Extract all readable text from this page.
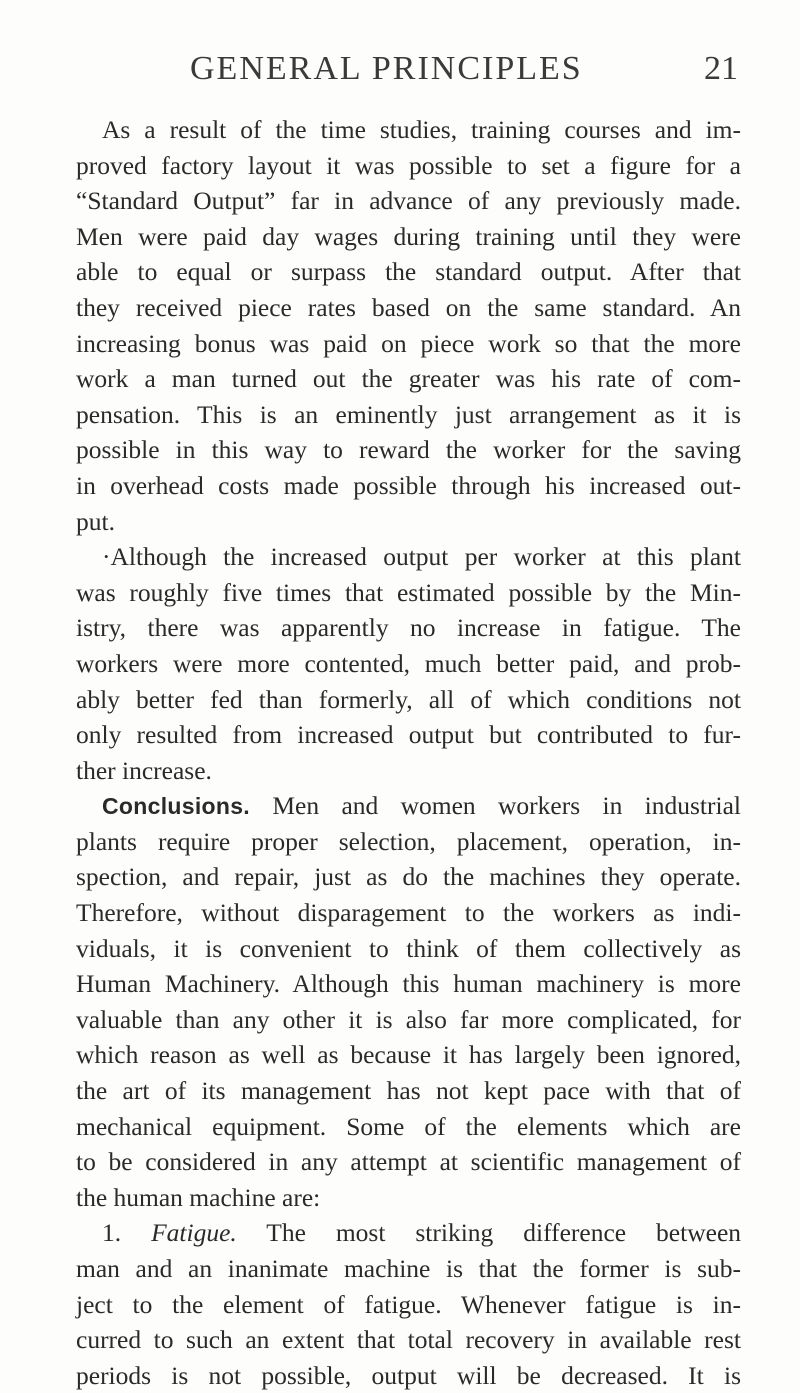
GENERAL PRINCIPLES	21
As a result of the time studies, training courses and im-
proved factory layout it was possible to set a figure for a
“Standard Output” far in advance of any previously made.
Men were paid day wages during training until they were
able to equal or surpass the standard output. After that
they received piece rates based on the same standard. An
increasing bonus was paid on piece work so that the more
work a man turned out the greater was his rate of com-
pensation. This is an eminently just arrangement as it is
possible in this way to reward the worker for the saving
in overhead costs made possible through his increased out-
put.
·Although the increased output per worker at this plant
was roughly five times that estimated possible by the Min-
istry, there was apparently no increase in fatigue. The
workers were more contented, much better paid, and prob-
ably better fed than formerly, all of which conditions not
only resulted from increased output but contributed to fur-
ther increase.
Conclusions. Men and women workers in industrial
plants require proper selection, placement, operation, in-
spection, and repair, just as do the machines they operate.
Therefore, without disparagement to the workers as indi-
viduals, it is convenient to think of them collectively as
Human Machinery. Although this human machinery is more
valuable than any other it is also far more complicated, for
which reason as well as because it has largely been ignored,
the art of its management has not kept pace with that of
mechanical equipment. Some of the elements which are
to be considered in any attempt at scientific management of
the human machine are:
1. Fatigue. The most striking difference between
man and an inanimate machine is that the former is sub-
ject to the element of fatigue. Whenever fatigue is in-
curred to such an extent that total recovery in available rest
periods is not possible, output will be decreased. It is
